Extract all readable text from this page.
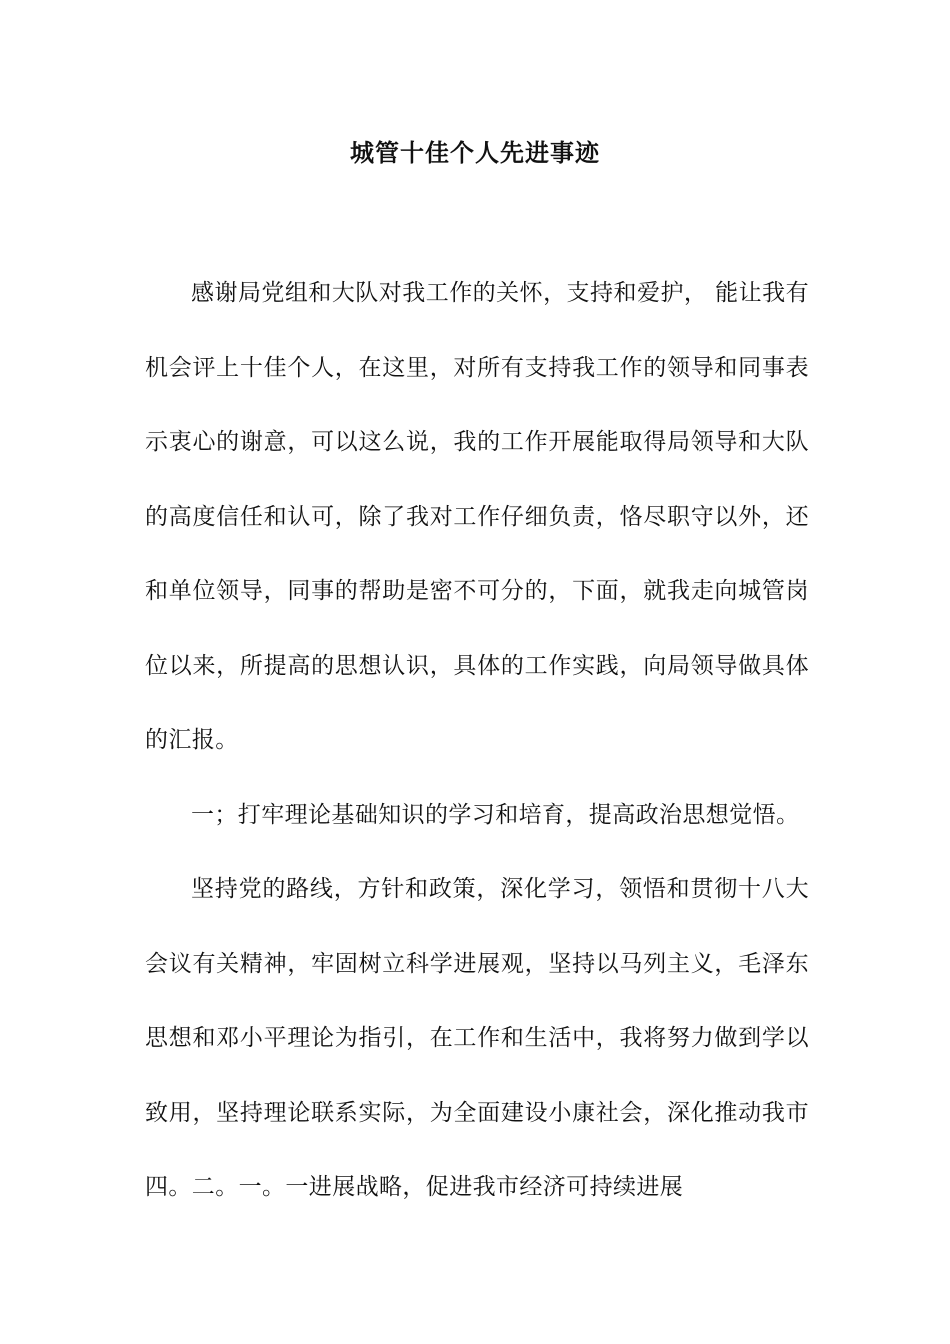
城管十佳个人先进事迹

感谢局党组和大队对我工作的关怀，支持和爱护， 能让我有机会评上十佳个人，在这里，对所有支持我工作的领导和同事表示衷心的谢意，可以这么说，我的工作开展能取得局领导和大队的高度信任和认可，除了我对工作仔细负责，恪尽职守以外，还和单位领导，同事的帮助是密不可分的，下面，就我走向城管岗位以来，所提高的思想认识，具体的工作实践，向局领导做具体的汇报。

一；打牢理论基础知识的学习和培育，提高政治思想觉悟。

坚持党的路线，方针和政策，深化学习，领悟和贯彻十八大会议有关精神，牢固树立科学进展观，坚持以马列主义，毛泽东思想和邓小平理论为指引，在工作和生活中，我将努力做到学以致用，坚持理论联系实际，为全面建设小康社会，深化推动我市四。二。一。一进展战略，促进我市经济可持续进展
